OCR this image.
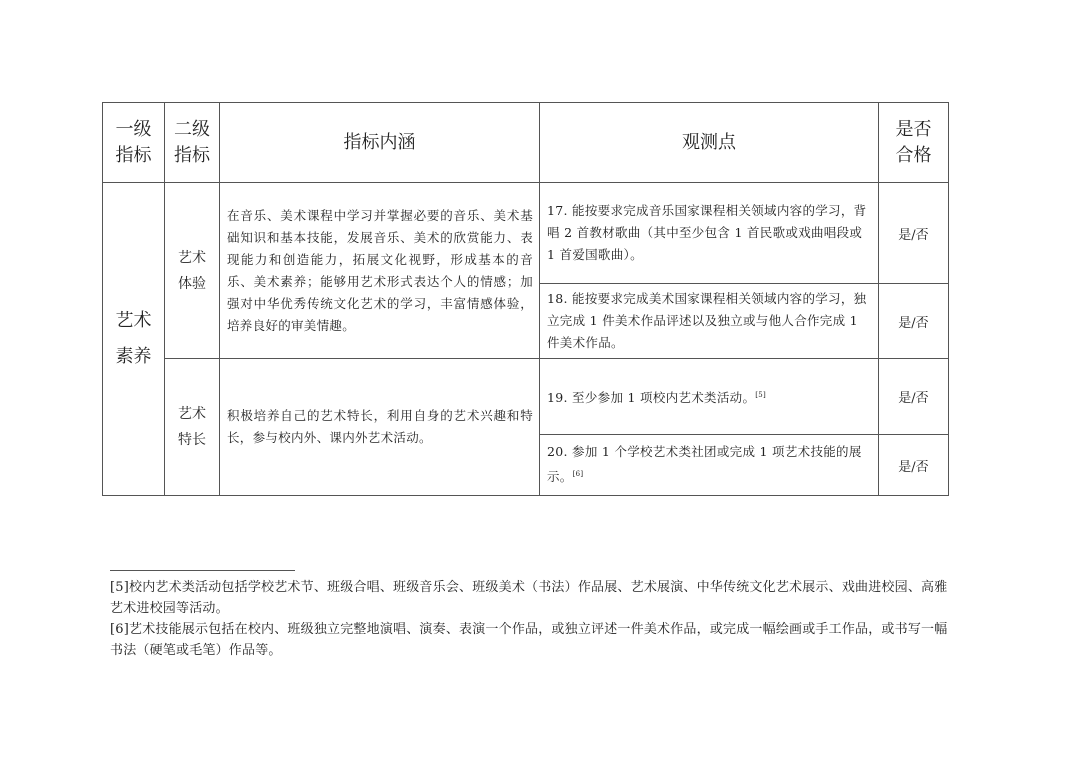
一级指标	二级指标	指标内涵	观测点	是否合格

艺术素养	艺术体验	在音乐、美术课程中学习并掌握必要的音乐、美术基础知识和基本技能，发展音乐、美术的欣赏能力、表现能力和创造能力，拓展文化视野，形成基本的音乐、美术素养；能够用艺术形式表达个人的情感；加强对中华优秀传统文化艺术的学习，丰富情感体验，培养良好的审美情趣。	17. 能按要求完成音乐国家课程相关领域内容的学习，背唱 2 首教材歌曲（其中至少包含 1 首民歌或戏曲唱段或 1 首爱国歌曲）。	是/否
			18. 能按要求完成美术国家课程相关领域内容的学习，独立完成 1 件美术作品评述以及独立或与他人合作完成 1 件美术作品。	是/否

	艺术特长	积极培养自己的艺术特长，利用自身的艺术兴趣和特长，参与校内外、课内外艺术活动。	19. 至少参加 1 项校内艺术类活动。[5]	是/否
			20. 参加 1 个学校艺术类社团或完成 1 项艺术技能的展示。[6]	是/否

[5]校内艺术类活动包括学校艺术节、班级合唱、班级音乐会、班级美术（书法）作品展、艺术展演、中华传统文化艺术展示、戏曲进校园、高雅艺术进校园等活动。

[6]艺术技能展示包括在校内、班级独立完整地演唱、演奏、表演一个作品，或独立评述一件美术作品，或完成一幅绘画或手工作品，或书写一幅书法（硬笔或毛笔）作品等。
